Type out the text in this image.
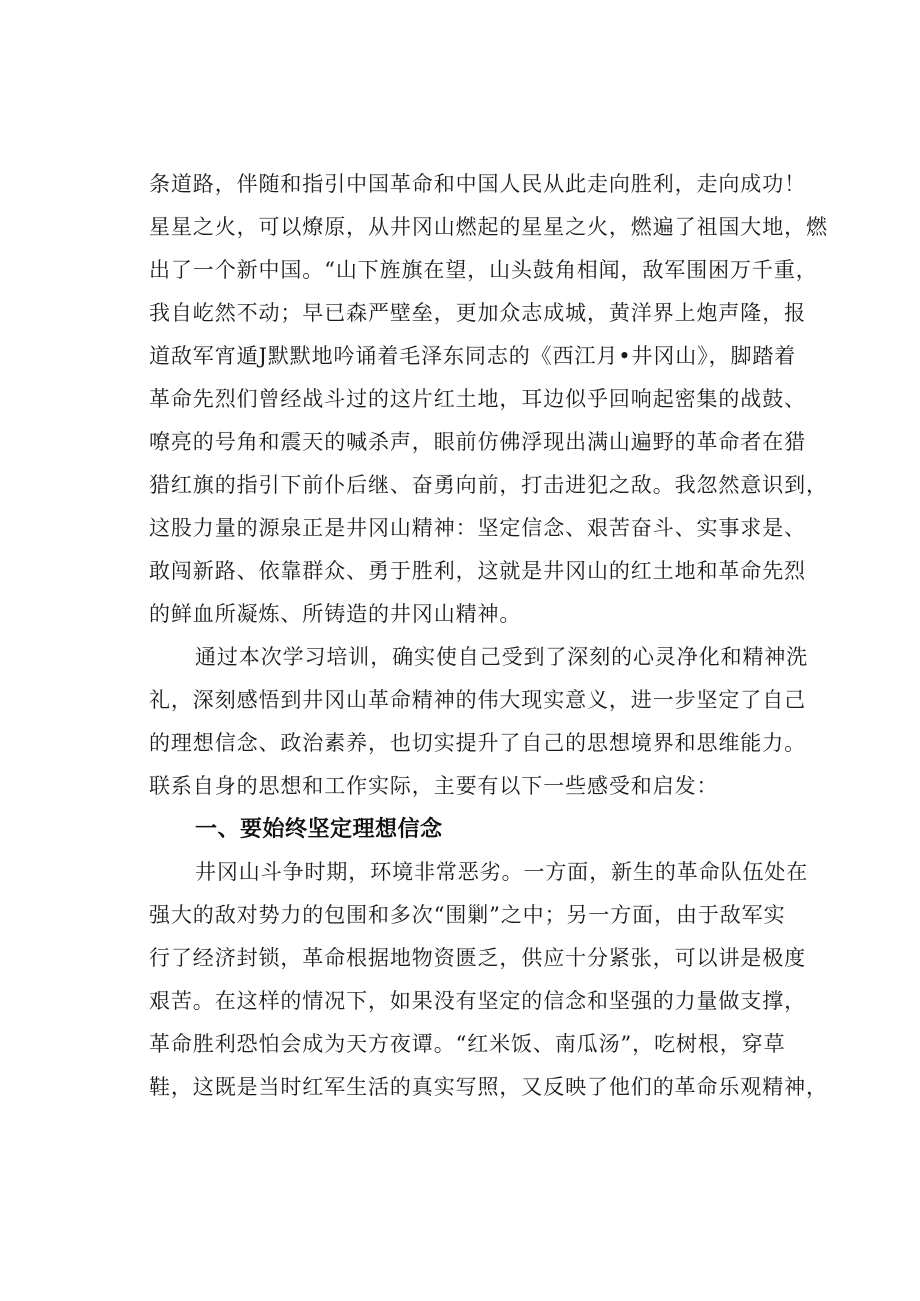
条道路，伴随和指引中国革命和中国人民从此走向胜利，走向成功！
星星之火，可以燎原，从井冈山燃起的星星之火，燃遍了祖国大地，燃
出了一个新中国。“山下旌旗在望，山头鼓角相闻，敌军围困万千重，
我自屹然不动；早已森严壁垒，更加众志成城，黄洋界上炮声隆，报
道敌军宵遁J默默地吟诵着毛泽东同志的《西江月•井冈山》，脚踏着
革命先烈们曾经战斗过的这片红土地，耳边似乎回响起密集的战鼓、
嘹亮的号角和震天的喊杀声，眼前仿佛浮现出满山遍野的革命者在猎
猎红旗的指引下前仆后继、奋勇向前，打击进犯之敌。我忽然意识到，
这股力量的源泉正是井冈山精神：坚定信念、艰苦奋斗、实事求是、
敢闯新路、依靠群众、勇于胜利，这就是井冈山的红土地和革命先烈
的鲜血所凝炼、所铸造的井冈山精神。
通过本次学习培训，确实使自己受到了深刻的心灵净化和精神洗
礼，深刻感悟到井冈山革命精神的伟大现实意义，进一步坚定了自己
的理想信念、政治素养，也切实提升了自己的思想境界和思维能力。
联系自身的思想和工作实际，主要有以下一些感受和启发：
一、要始终坚定理想信念
井冈山斗争时期，环境非常恶劣。一方面，新生的革命队伍处在
强大的敌对势力的包围和多次“围剿”之中；另一方面，由于敌军实
行了经济封锁，革命根据地物资匮乏，供应十分紧张，可以讲是极度
艰苦。在这样的情况下，如果没有坚定的信念和坚强的力量做支撑，
革命胜利恐怕会成为天方夜谭。“红米饭、南瓜汤”，吃树根，穿草
鞋，这既是当时红军生活的真实写照，又反映了他们的革命乐观精神，
